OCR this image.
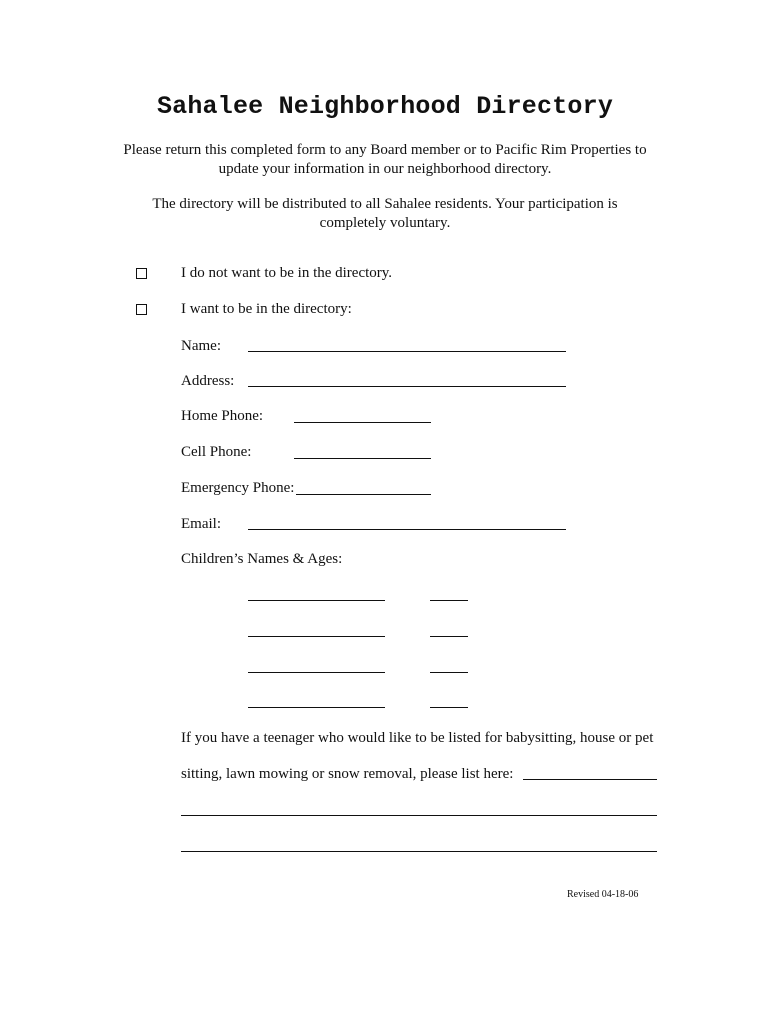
Sahalee Neighborhood Directory
Please return this completed form to any Board member or to Pacific Rim Properties to
update your information in our neighborhood directory.
The directory will be distributed to all Sahalee residents. Your participation is
completely voluntary.
I do not want to be in the directory.
I want to be in the directory:
Name:
Address:
Home Phone:
Cell Phone:
Emergency Phone:
Email:
Children’s Names & Ages:
If you have a teenager who would like to be listed for babysitting, house or pet
sitting, lawn mowing or snow removal, please list here:
Revised 04-18-06
